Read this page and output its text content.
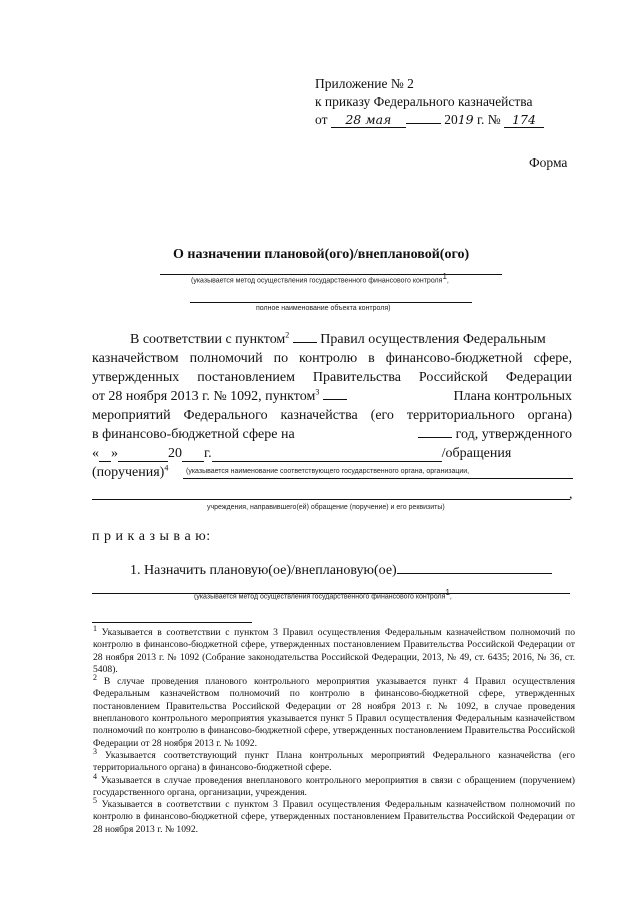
Приложение № 2
к приказу Федерального казначейства
от 28 мая	2019 г. № 174
Форма
О назначении плановой(ого)/внеплановой(ого)
(указывается метод осуществления государственного финансового контроля$^1$,
полное наименование объекта контроля)
В соответствии с пунктом$^2$ Правил осуществления Федеральным
казначейством полномочий по контролю в финансово-бюджетной сфере,
утвержденных постановлением Правительства Российской Федерации
от 28 ноября 2013 г. № 1092, пунктом$^3$	Плана контрольных
мероприятий Федерального казначейства (его территориального органа)
в финансово-бюджетной сфере на	год, утвержденного
« »	20 г.	/обращения
(поручения)$^4$	(указывается наименование соответствующего государственного органа, организации,
,
учреждения, направившего(ей) обращение (поручение) и его реквизиты)
п р и к а з ы в а ю:
1. Назначить плановую(ое)/внеплановую(ое)
(указывается метод осуществления государственного финансового контроля$^1$,

$^1$ Указывается в соответствии с пунктом 3 Правил осуществления Федеральным казначейством полномочий по контролю в финансово-бюджетной сфере, утвержденных постановлением Правительства Российской Федерации от 28 ноября 2013 г. № 1092 (Собрание законодательства Российской Федерации, 2013, № 49, ст. 6435; 2016, № 36, ст. 5408).

$^2$ В случае проведения планового контрольного мероприятия указывается пункт 4 Правил осуществления Федеральным казначейством полномочий по контролю в финансово-бюджетной сфере, утвержденных постановлением Правительства Российской Федерации от 28 ноября 2013 г. № 1092, в случае проведения внепланового контрольного мероприятия указывается пункт 5 Правил осуществления Федеральным казначейством полномочий по контролю в финансово-бюджетной сфере, утвержденных постановлением Правительства Российской Федерации от 28 ноября 2013 г. № 1092.

$^3$ Указывается соответствующий пункт Плана контрольных мероприятий Федерального казначейства (его территориального органа) в финансово-бюджетной сфере.

$^4$ Указывается в случае проведения внепланового контрольного мероприятия в связи с обращением (поручением) государственного органа, организации, учреждения.

$^5$ Указывается в соответствии с пунктом 3 Правил осуществления Федеральным казначейством полномочий по контролю в финансово-бюджетной сфере, утвержденных постановлением Правительства Российской Федерации от 28 ноября 2013 г. № 1092.
